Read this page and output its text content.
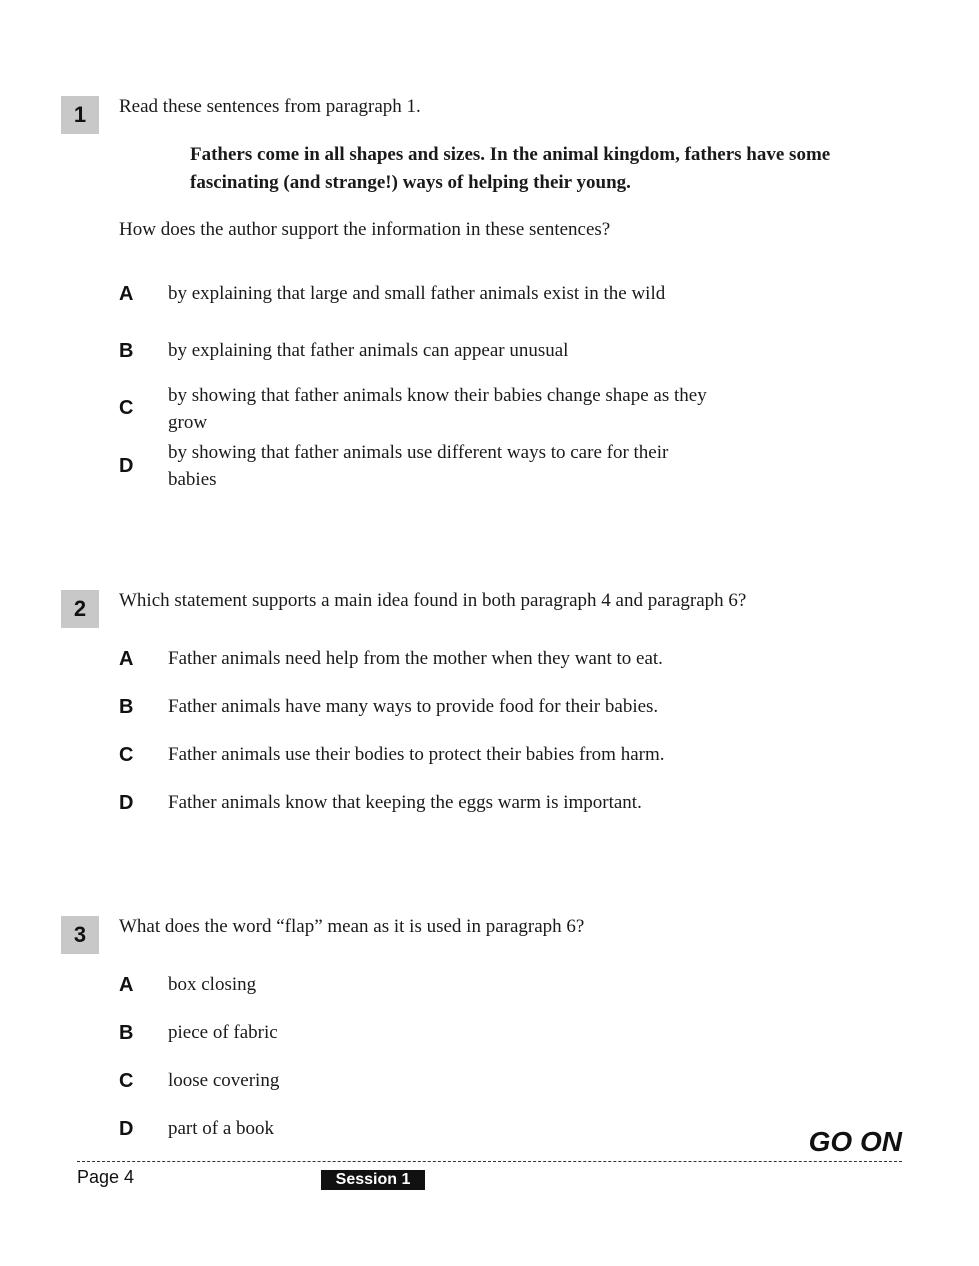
1	Read these sentences from paragraph 1.
Fathers come in all shapes and sizes. In the animal kingdom, fathers have some fascinating (and strange!) ways of helping their young.
How does the author support the information in these sentences?
A	by explaining that large and small father animals exist in the wild
B	by explaining that father animals can appear unusual
C
by showing that father animals know their babies change shape as they grow
D
by showing that father animals use different ways to care for their babies
2	Which statement supports a main idea found in both paragraph 4 and paragraph 6?
A	Father animals need help from the mother when they want to eat.
B	Father animals have many ways to provide food for their babies.
C	Father animals use their bodies to protect their babies from harm.
D	Father animals know that keeping the eggs warm is important.
3	What does the word “flap” mean as it is used in paragraph 6?
A	box closing
B	piece of fabric
C	loose covering
D	part of a book	GO ON
Page 4	Session 1
